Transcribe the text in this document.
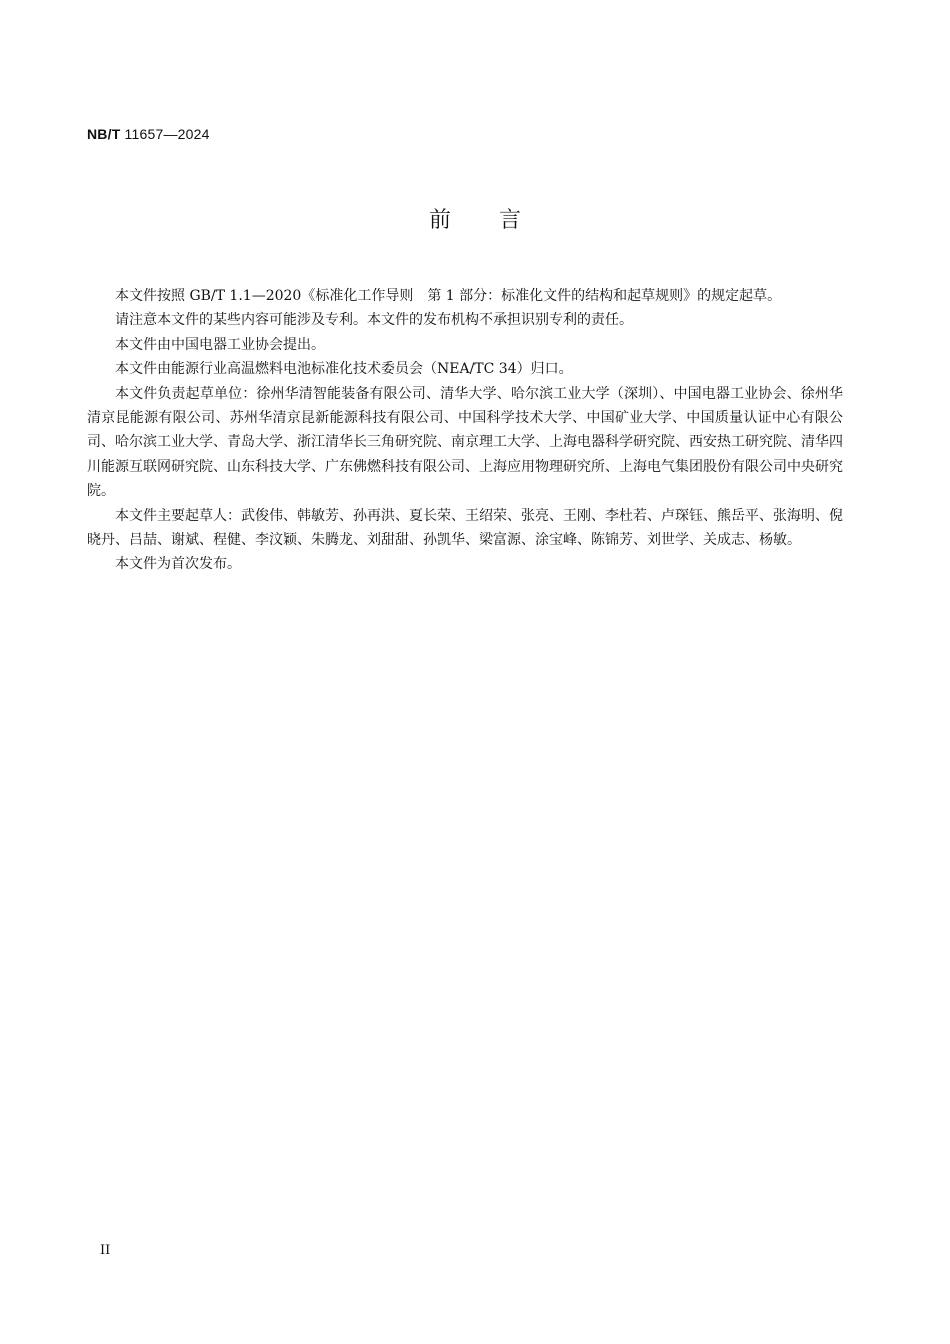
NB/T 11657—2024
前 言

本文件按照 GB/T 1.1—2020《标准化工作导则　第 1 部分：标准化文件的结构和起草规则》的规定起草。

请注意本文件的某些内容可能涉及专利。本文件的发布机构不承担识别专利的责任。

本文件由中国电器工业协会提出。

本文件由能源行业高温燃料电池标准化技术委员会（NEA/TC 34）归口。

本文件负责起草单位：徐州华清智能装备有限公司、清华大学、哈尔滨工业大学（深圳）、中国电器工业协会、徐州华清京昆能源有限公司、苏州华清京昆新能源科技有限公司、中国科学技术大学、中国矿业大学、中国质量认证中心有限公司、哈尔滨工业大学、青岛大学、浙江清华长三角研究院、南京理工大学、上海电器科学研究院、西安热工研究院、清华四川能源互联网研究院、山东科技大学、广东佛燃科技有限公司、上海应用物理研究所、上海电气集团股份有限公司中央研究院。

本文件主要起草人：武俊伟、韩敏芳、孙再洪、夏长荣、王绍荣、张亮、王刚、李杜若、卢琛钰、熊岳平、张海明、倪晓丹、吕喆、谢斌、程健、李汶颖、朱腾龙、刘甜甜、孙凯华、梁富源、涂宝峰、陈锦芳、刘世学、关成志、杨敏。

本文件为首次发布。

II
